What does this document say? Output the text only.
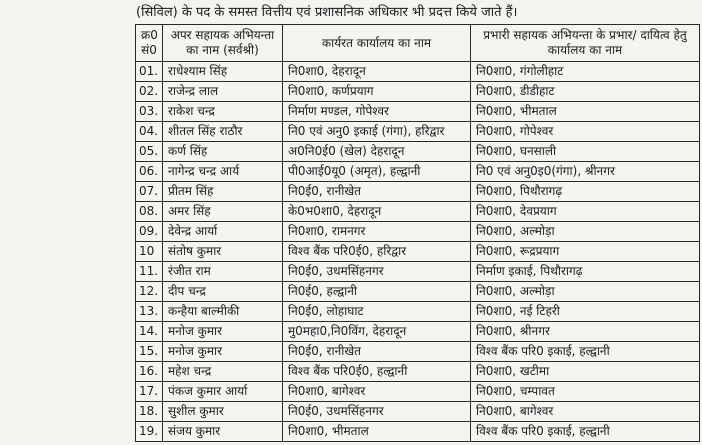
(सिविल) के पद के समस्त वित्तीय एवं प्रशासनिक अधिकार भी प्रदत्त किये जाते हैं।
क्र0 सं0	अपर सहायक अभियन्ता का नाम (सर्वश्री)	कार्यरत कार्यालय का नाम	प्रभारी सहायक अभियन्ता के प्रभार/ दायित्व हेतु कार्यालय का नाम
01.	राधेश्याम सिंह	नि0शा0, देहरादून	नि0शा0, गंगोलीहाट
02.	राजेन्द्र लाल	नि0शा0, कर्णप्रयाग	नि0शा0, डीडीहाट
03.	राकेश चन्द्र	निर्माण मण्डल, गोपेश्वर	नि0शा0, भीमताल
04.	शीतल सिंह राठौर	नि0 एवं अनु0 इकाई (गंगा), हरिद्वार	नि0शा0, गोपेश्वर
05.	कर्ण सिंह	अ0नि0ई0 (खेल) देहरादून	नि0शा0, घनसाली
06.	नागेन्द्र चन्द्र आर्य	पी0आई0यू0 (अमृत), हल्द्वानी	नि0 एवं अनु0इ0(गंगा), श्रीनगर
07.	प्रीतम सिंह	नि0ई0, रानीखेत	नि0शा0, पिथौरागढ़
08.	अमर सिंह	के0भ0शा0, देहरादून	नि0शा0, देवप्रयाग
09.	देवेन्द्र आर्या	नि0शा0, रामनगर	नि0शा0, अल्मोड़ा
10	संतोष कुमार	विश्व बैंक परि0ई0, हरिद्वार	नि0शा0, रूद्रप्रयाग
11.	रंजीत राम	नि0ई0, उधमसिंहनगर	निर्माण इकाई, पिथौरागढ़
12.	दीप चन्द्र	नि0ई0, हल्द्वानी	नि0शा0, अल्मोड़ा
13.	कन्हैया बाल्मीकी	नि0ई0, लोहाघाट	नि0शा0, नई टिहरी
14.	मनोज कुमार	मु0महा0,नि0विंग, देहरादून	नि0शा0, श्रीनगर
15.	मनोज कुमार	नि0ई0, रानीखेत	विश्व बैंक परि0 इकाई, हल्द्वानी
16.	महेश चन्द्र	विश्व बैंक परि0ई0, हल्द्वानी	नि0शा0, खटीमा
17.	पंकज कुमार आर्या	नि0शा0, बागेश्वर	नि0शा0, चम्पावत
18.	सुशील कुमार	नि0ई0, उधमसिंहनगर	नि0शा0, बागेश्वर
19.	संजय कुमार	नि0शा0, भीमताल	विश्व बैंक परि0 इकाई, हल्द्वानी
